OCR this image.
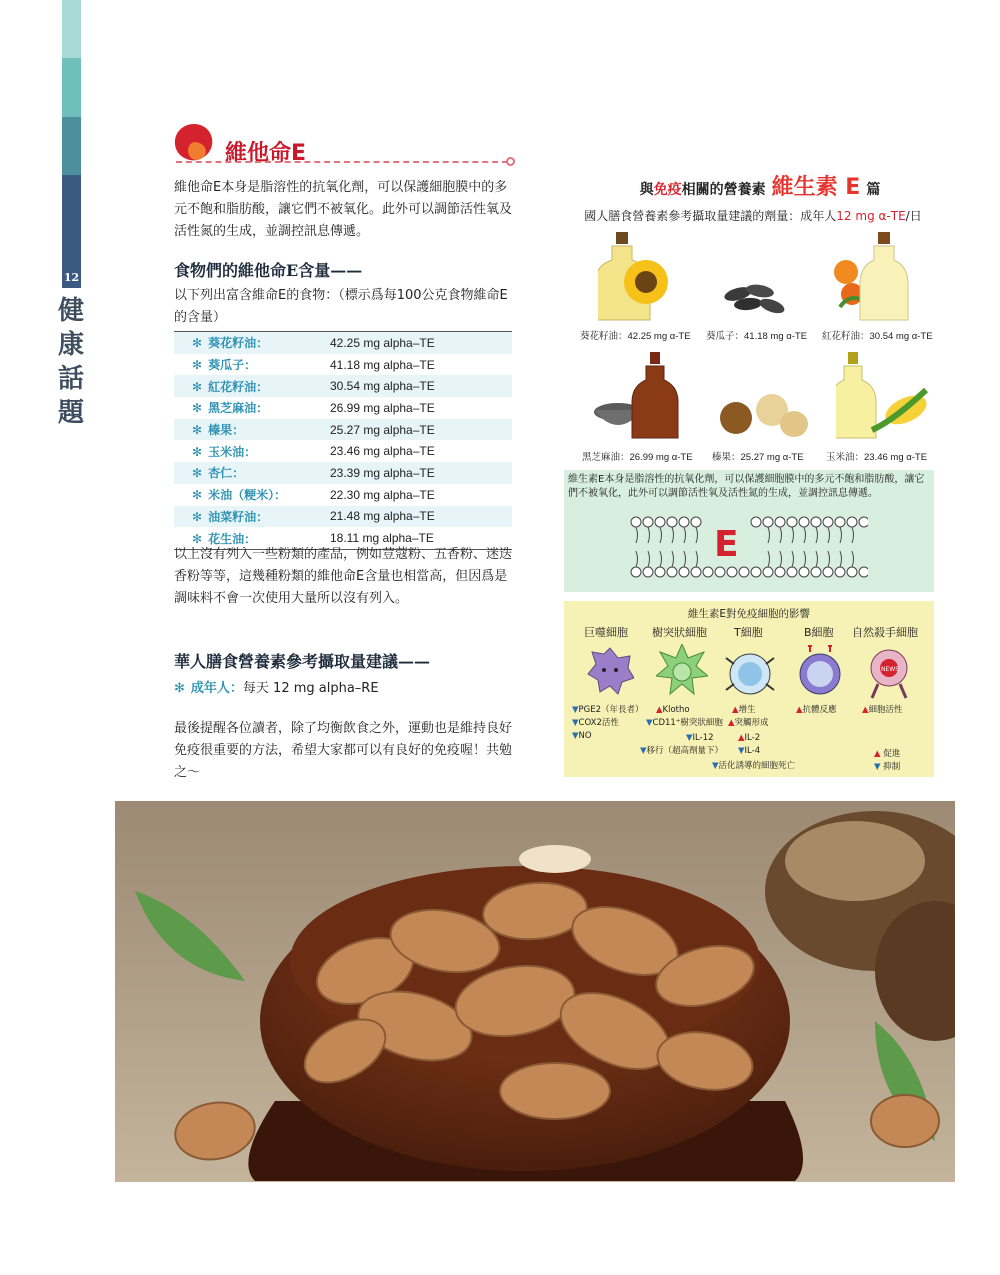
12
健康話題
維他命E
維他命E本身是脂溶性的抗氧化劑，可以保護細胞膜中的多元不飽和脂肪酸，讓它們不被氧化。此外可以調節活性氧及活性氮的生成，並調控訊息傳遞。
食物們的維他命E含量——
以下列出富含維命E的食物：（標示爲每100公克食物維命E的含量）
✻ 葵花籽油：	42.25 mg alpha–TE
✻ 葵瓜子：	41.18 mg alpha–TE
✻ 紅花籽油：	30.54 mg alpha–TE
✻ 黑芝麻油：	26.99 mg alpha–TE
✻ 榛果：	25.27 mg alpha–TE
✻ 玉米油：	23.46 mg alpha–TE
✻ 杏仁：	23.39 mg alpha–TE
✻ 米油（粳米）：	22.30 mg alpha–TE
✻ 油菜籽油：	21.48 mg alpha–TE
✻ 花生油：	18.11 mg alpha–TE
以上沒有列入一些粉類的產品，例如荳蔻粉、五香粉、迷迭香粉等等，這幾種粉類的維他命E含量也相當高，但因爲是調味料不會一次使用大量所以沒有列入。
華人膳食營養素參考攝取量建議——
✻ 成年人：每天 12 mg alpha–RE
最後提醒各位讀者，除了均衡飲食之外，運動也是維持良好免疫很重要的方法，希望大家都可以有良好的免疫喔！共勉之～
與免疫相關的營養素 維生素 E 篇
國人膳食營養素參考攝取量建議的劑量：成年人12 mg α-TE/日
葵花籽油：42.25 mg α-TE 葵瓜子：41.18 mg α-TE 紅花籽油：30.54 mg α-TE
黑芝麻油：26.99 mg α-TE 榛果：25.27 mg α-TE 玉米油：23.46 mg α-TE
維生素E本身是脂溶性的抗氧化劑，可以保護細胞膜中的多元不飽和脂肪酸，讓它們不被氧化，此外可以調節活性氧及活性氮的生成，並調控訊息傳遞。
E
維生素E對免疫細胞的影響
巨噬細胞 樹突狀細胞 T細胞	B細胞 自然殺手細胞
NEWS
▼PGE2（年長者）
▼COX2活性
▼NO
▲Klotho
▼CD11⁺樹突狀細胞
▲增生
▲突觸形成
▼IL-12	▲IL-2
▼IL-4
▼移行（超高劑量下）
▼活化誘導的細胞死亡
▲抗體反應	▲細胞活性
▲ 促進
▼ 抑制
